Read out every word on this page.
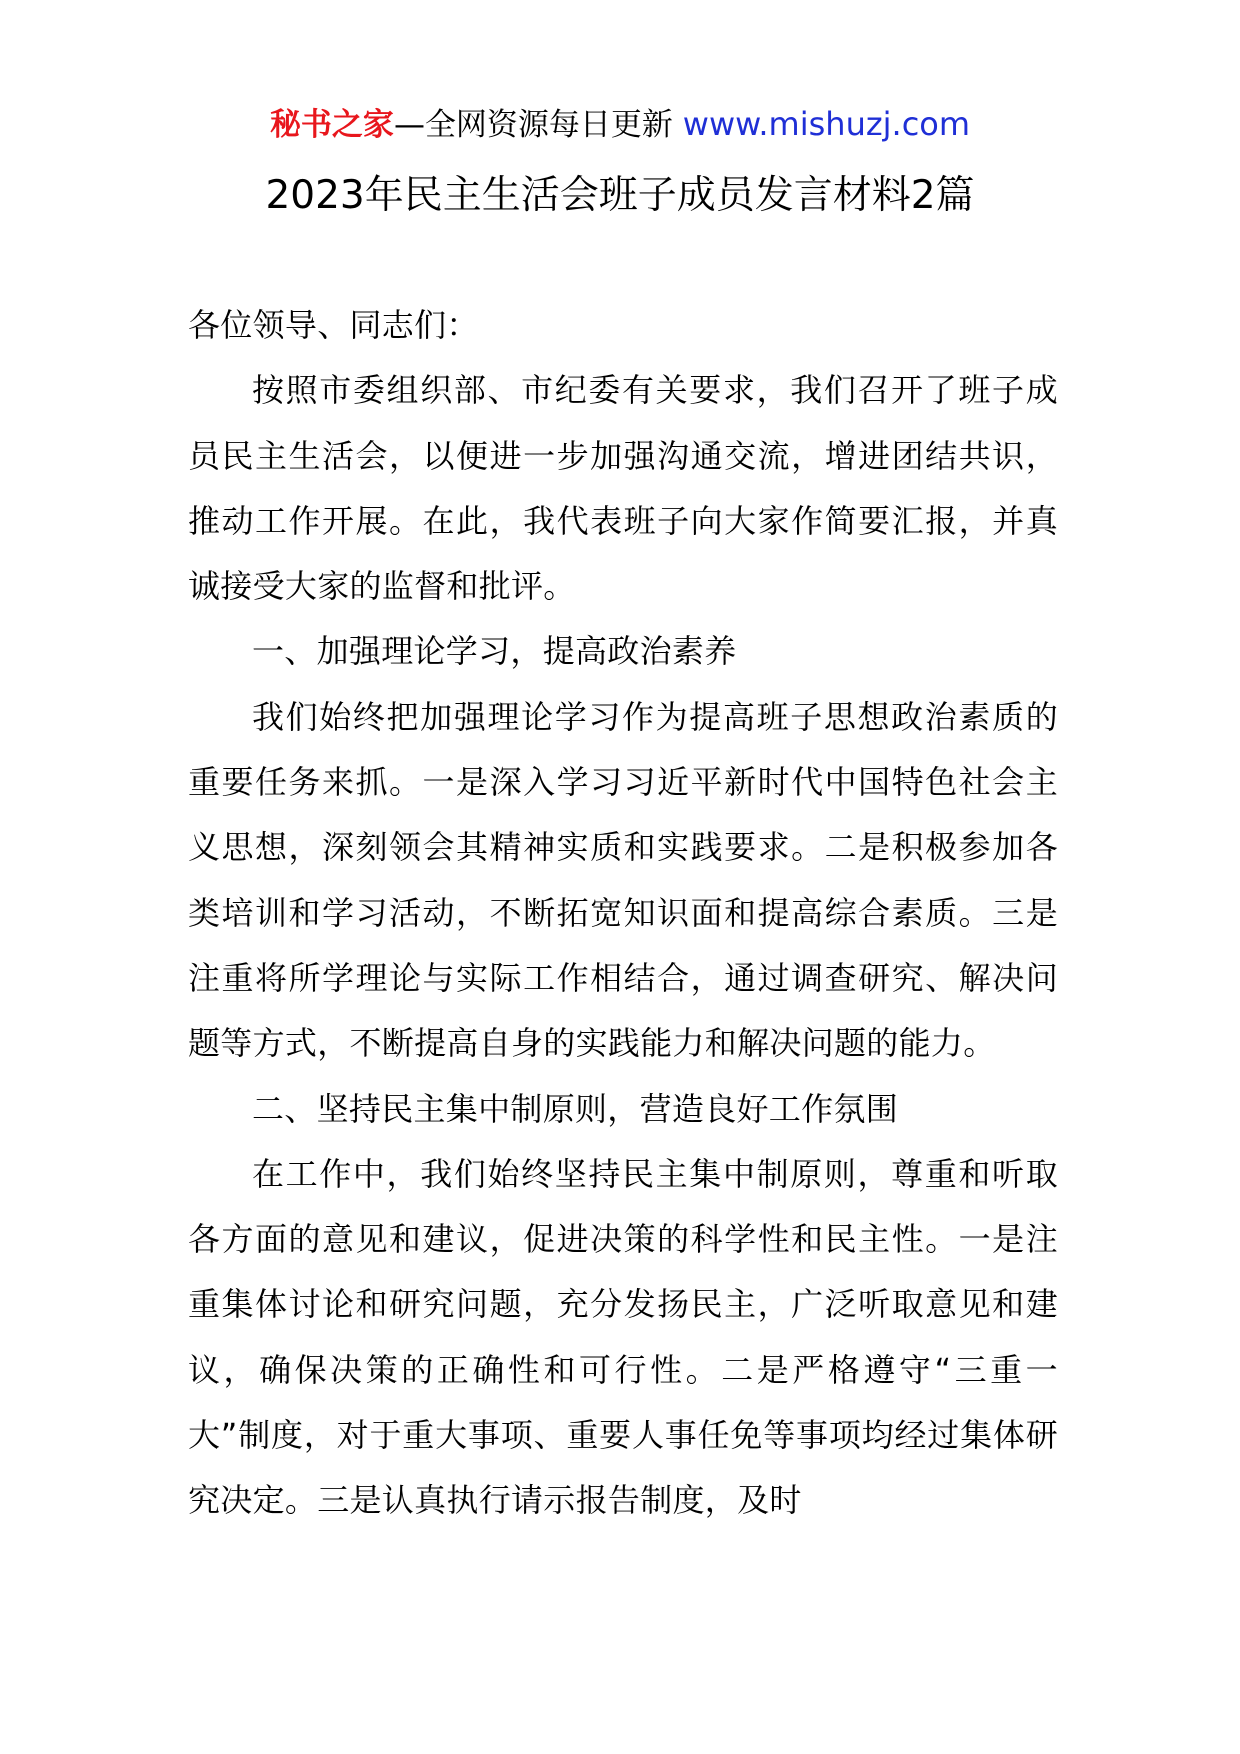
秘书之家—全网资源每日更新 www.mishuzj.com
2023年民主生活会班子成员发言材料2篇

各位领导、同志们：

按照市委组织部、市纪委有关要求，我们召开了班子成员民主生活会，以便进一步加强沟通交流，增进团结共识，推动工作开展。在此，我代表班子向大家作简要汇报，并真诚接受大家的监督和批评。

一、加强理论学习，提高政治素养

我们始终把加强理论学习作为提高班子思想政治素质的重要任务来抓。一是深入学习习近平新时代中国特色社会主义思想，深刻领会其精神实质和实践要求。二是积极参加各类培训和学习活动，不断拓宽知识面和提高综合素质。三是注重将所学理论与实际工作相结合，通过调查研究、解决问题等方式，不断提高自身的实践能力和解决问题的能力。

二、坚持民主集中制原则，营造良好工作氛围

在工作中，我们始终坚持民主集中制原则，尊重和听取各方面的意见和建议，促进决策的科学性和民主性。一是注重集体讨论和研究问题，充分发扬民主，广泛听取意见和建议，确保决策的正确性和可行性。二是严格遵守“三重一大”制度，对于重大事项、重要人事任免等事项均经过集体研究决定。三是认真执行请示报告制度，及时
